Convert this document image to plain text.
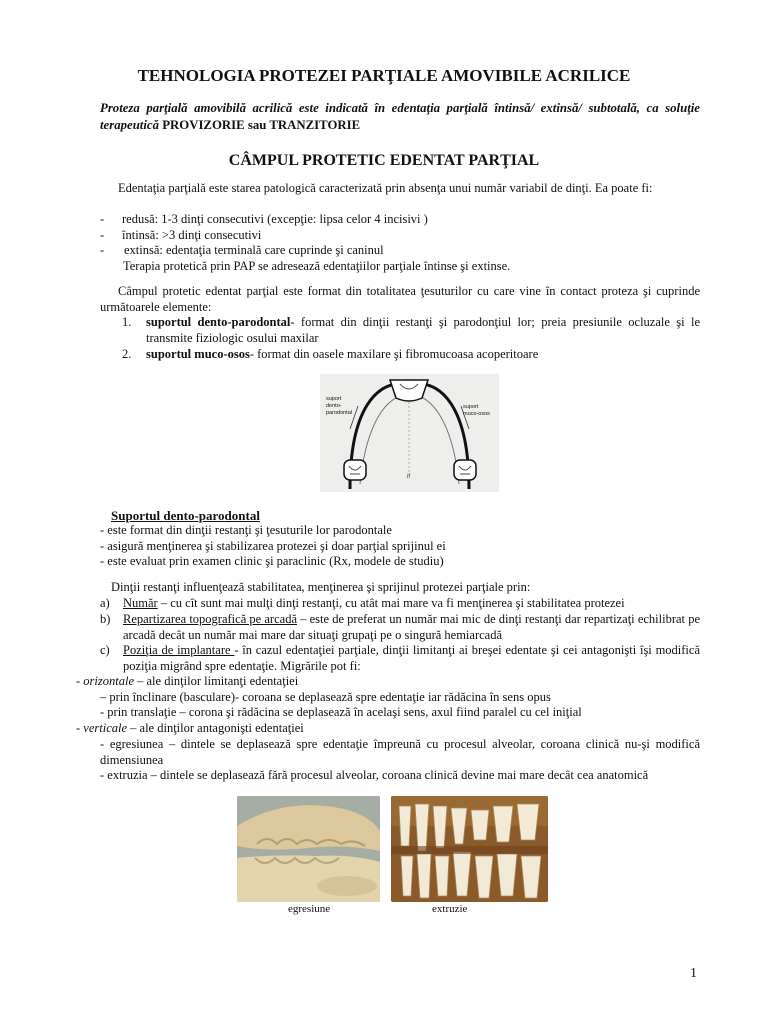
TEHNOLOGIA PROTEZEI PARŢIALE AMOVIBILE ACRILICE
Proteza parţială amovibilă acrilică este indicată în edentaţia parţială întinsă/ extinsă/ subtotală, ca soluţie terapeutică PROVIZORIE sau TRANZITORIE
CÂMPUL PROTETIC EDENTAT PARŢIAL
Edentaţia parţială este starea patologică caracterizată prin absenţa unui număr variabil de dinţi. Ea poate fi:
- redusă: 1-3 dinţi consecutivi (excepţie: lipsa celor 4 incisivi )
- întinsă: >3 dinţi consecutivi
- extinsă: edentaţia terminală care cuprinde şi caninul
Terapia protetică prin PAP se adresează edentaţiilor parţiale întinse şi extinse.
Câmpul protetic edentat parţial este format din totalitatea ţesuturilor cu care vine în contact proteza şi cuprinde următoarele elemente:
1. suportul dento-parodontal- format din dinţii restanţi şi parodonţiul lor; preia presiunile ocluzale şi le transmite fiziologic osului maxilar
2. suportul muco-osos- format din oasele maxilare şi fibromucoasa acoperitoare
if
suport
dento-
parodontal
suport
muco-osos
Suportul dento-parodontal
- este format din dinţii restanţi şi ţesuturile lor parodontale
- asigură menţinerea şi stabilizarea protezei şi doar parţial sprijinul ei
- este evaluat prin examen clinic şi paraclinic (Rx, modele de studiu)
Dinţii restanţi influenţează stabilitatea, menţinerea şi sprijinul protezei parţiale prin:
a) Număr – cu cît sunt mai mulţi dinţi restanţi, cu atât mai mare va fi menţinerea şi stabilitatea protezei
b) Repartizarea topografică pe arcadă – este de preferat un număr mai mic de dinţi restanţi dar repartizaţi echilibrat pe arcadă decât un număr mai mare dar situaţi grupaţi pe o singură hemiarcadă
c) Poziţia de implantare - în cazul edentaţiei parţiale, dinţii limitanţi ai breşei edentate şi cei antagonişti îşi modifică poziţia migrând spre edentaţie. Migrările pot fi:
- orizontale – ale dinţilor limitanţi edentaţiei
– prin înclinare (basculare)- coroana se deplasează spre edentaţie iar rădăcina în sens opus
- prin translaţie – corona şi rădăcina se deplasează în acelaşi sens, axul fiind paralel cu cel iniţial
- verticale – ale dinţilor antagonişti edentaţiei
- egresiunea – dintele se deplasează spre edentaţie împreună cu procesul alveolar, coroana clinică nu-şi modifică dimensiunea
- extruzia – dintele se deplasează fără procesul alveolar, coroana clinică devine mai mare decât cea anatomică
egresiune	extruzie
1
